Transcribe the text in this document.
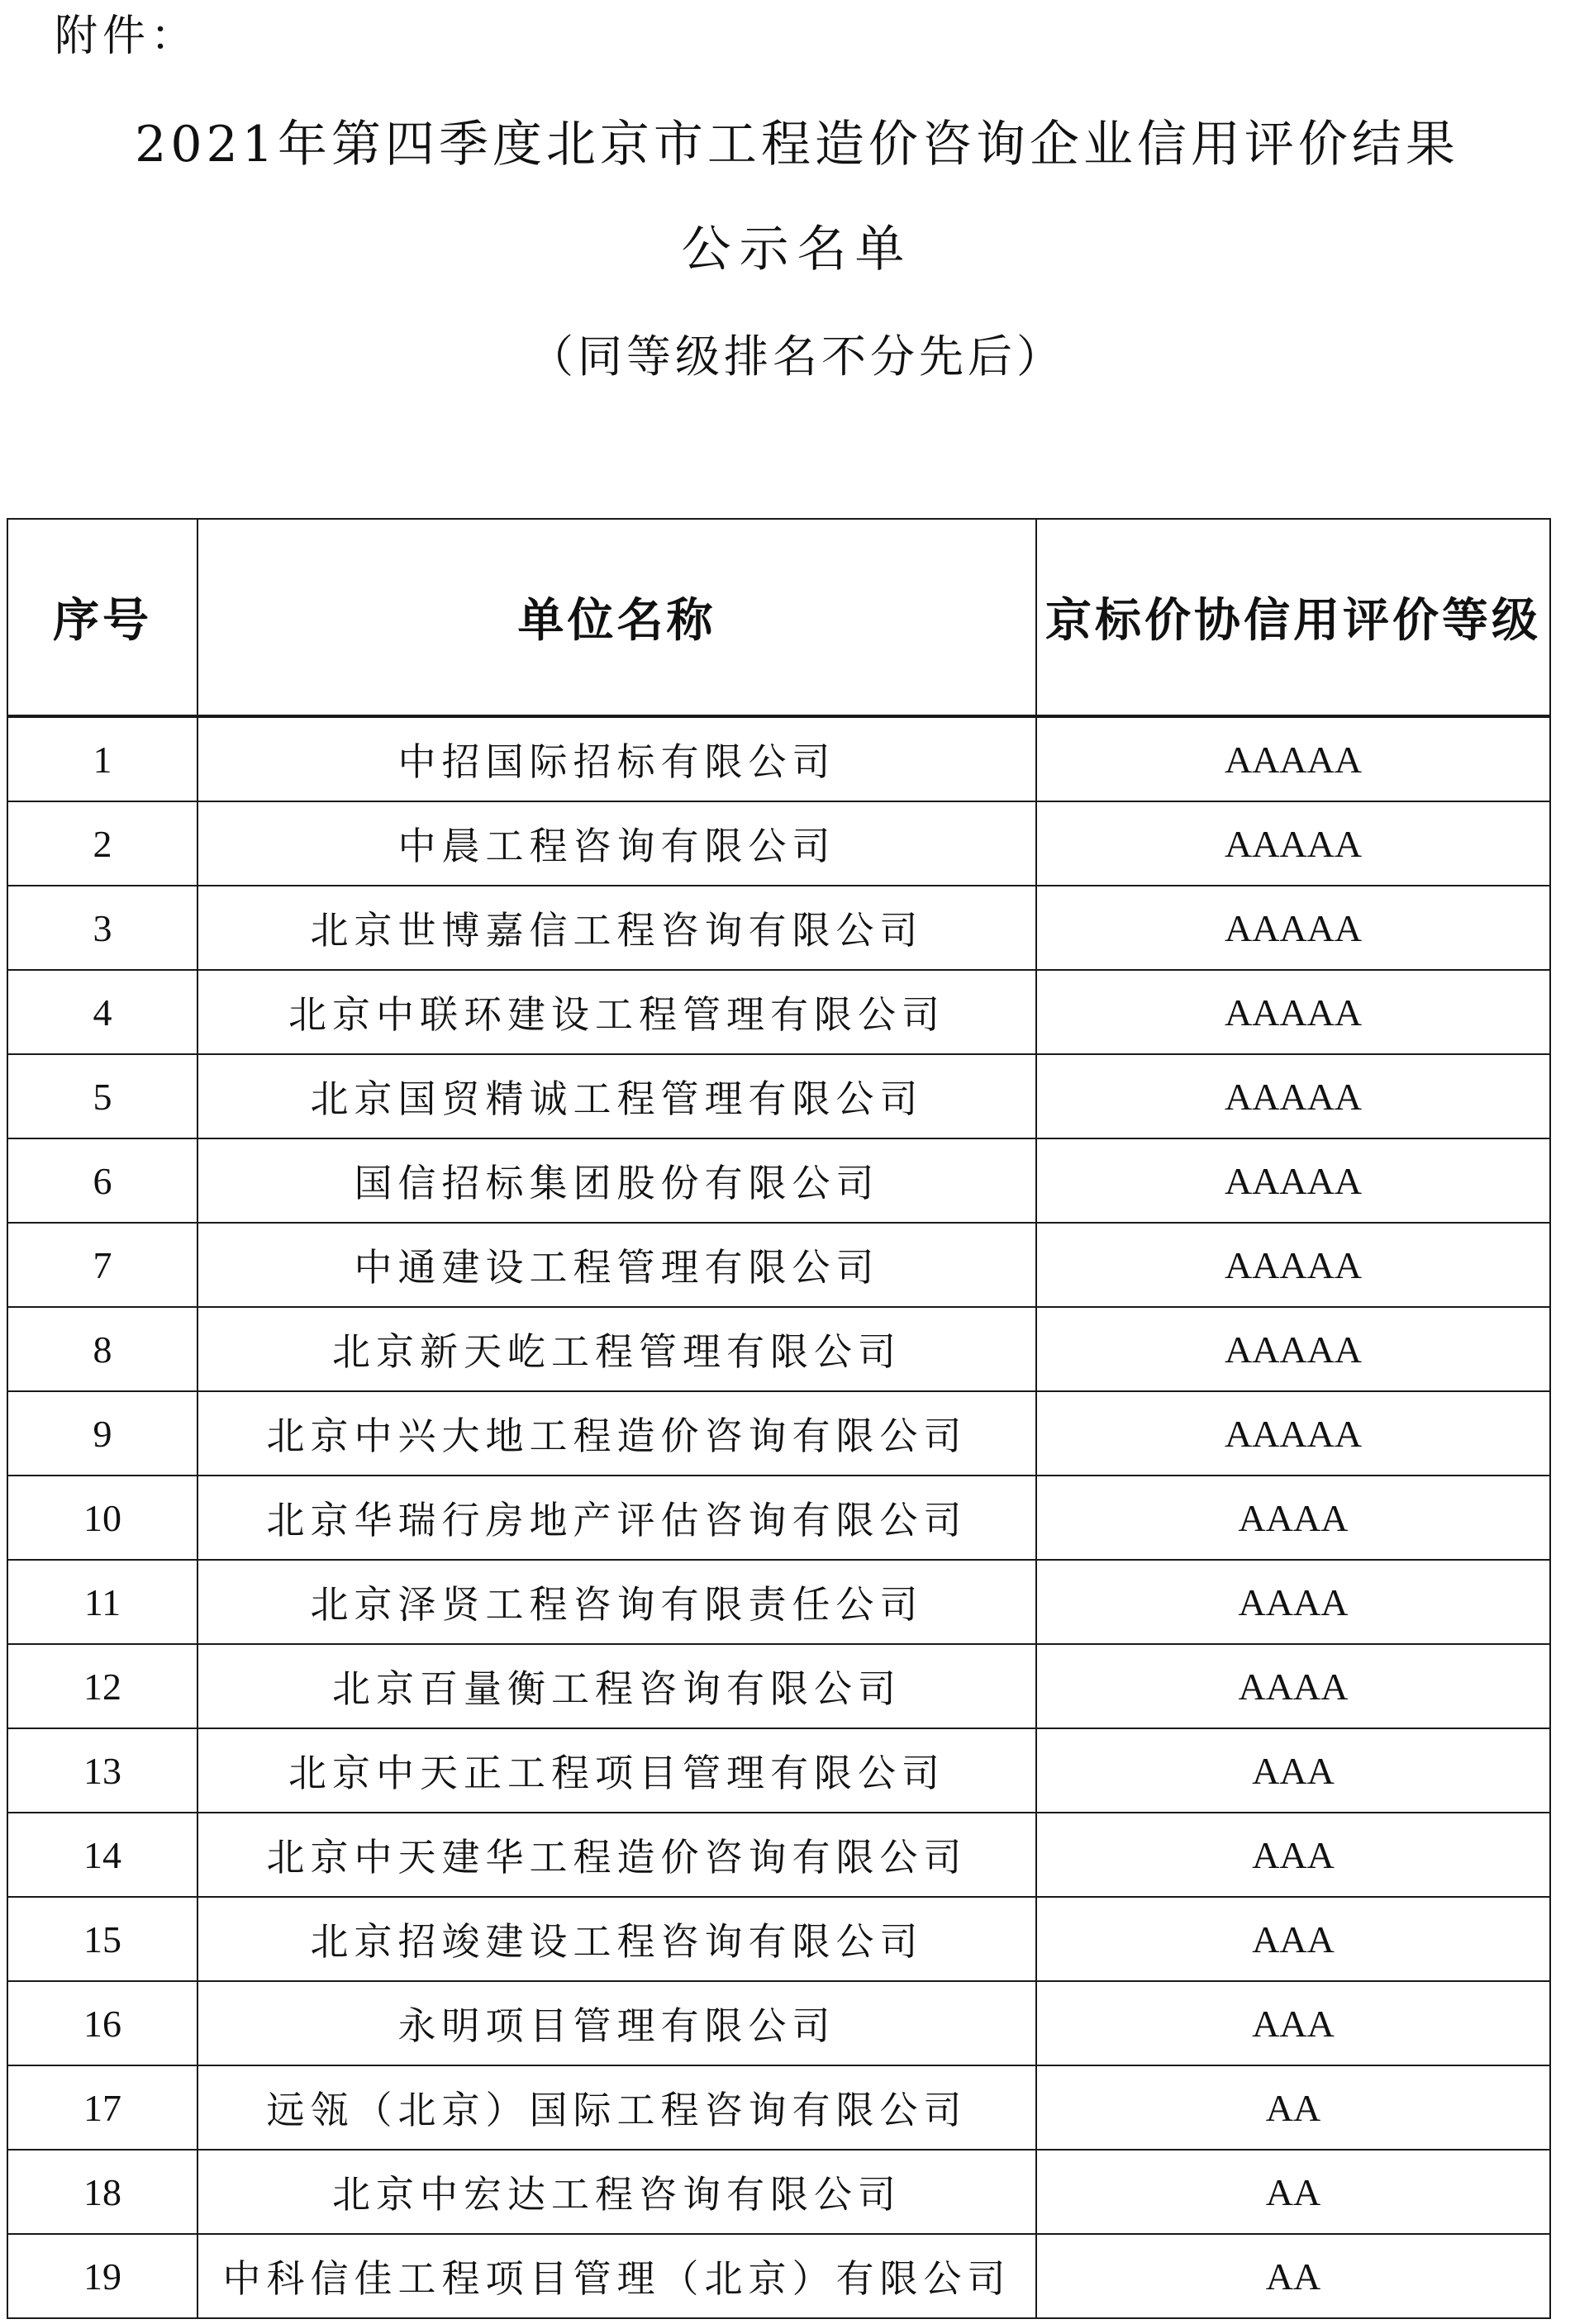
附件：
2021年第四季度北京市工程造价咨询企业信用评价结果
公示名单
（同等级排名不分先后）
序号	单位名称	京标价协信用评价等级
1	中招国际招标有限公司	AAAAA
2	中晨工程咨询有限公司	AAAAA
3	北京世博嘉信工程咨询有限公司	AAAAA
4	北京中联环建设工程管理有限公司	AAAAA
5	北京国贸精诚工程管理有限公司	AAAAA
6	国信招标集团股份有限公司	AAAAA
7	中通建设工程管理有限公司	AAAAA
8	北京新天屹工程管理有限公司	AAAAA
9	北京中兴大地工程造价咨询有限公司	AAAAA
10	北京华瑞行房地产评估咨询有限公司	AAAA
11	北京泽贤工程咨询有限责任公司	AAAA
12	北京百量衡工程咨询有限公司	AAAA
13	北京中天正工程项目管理有限公司	AAA
14	北京中天建华工程造价咨询有限公司	AAA
15	北京招竣建设工程咨询有限公司	AAA
16	永明项目管理有限公司	AAA
17	远瓴（北京）国际工程咨询有限公司	AA
18	北京中宏达工程咨询有限公司	AA
19	中科信佳工程项目管理（北京）有限公司	AA
